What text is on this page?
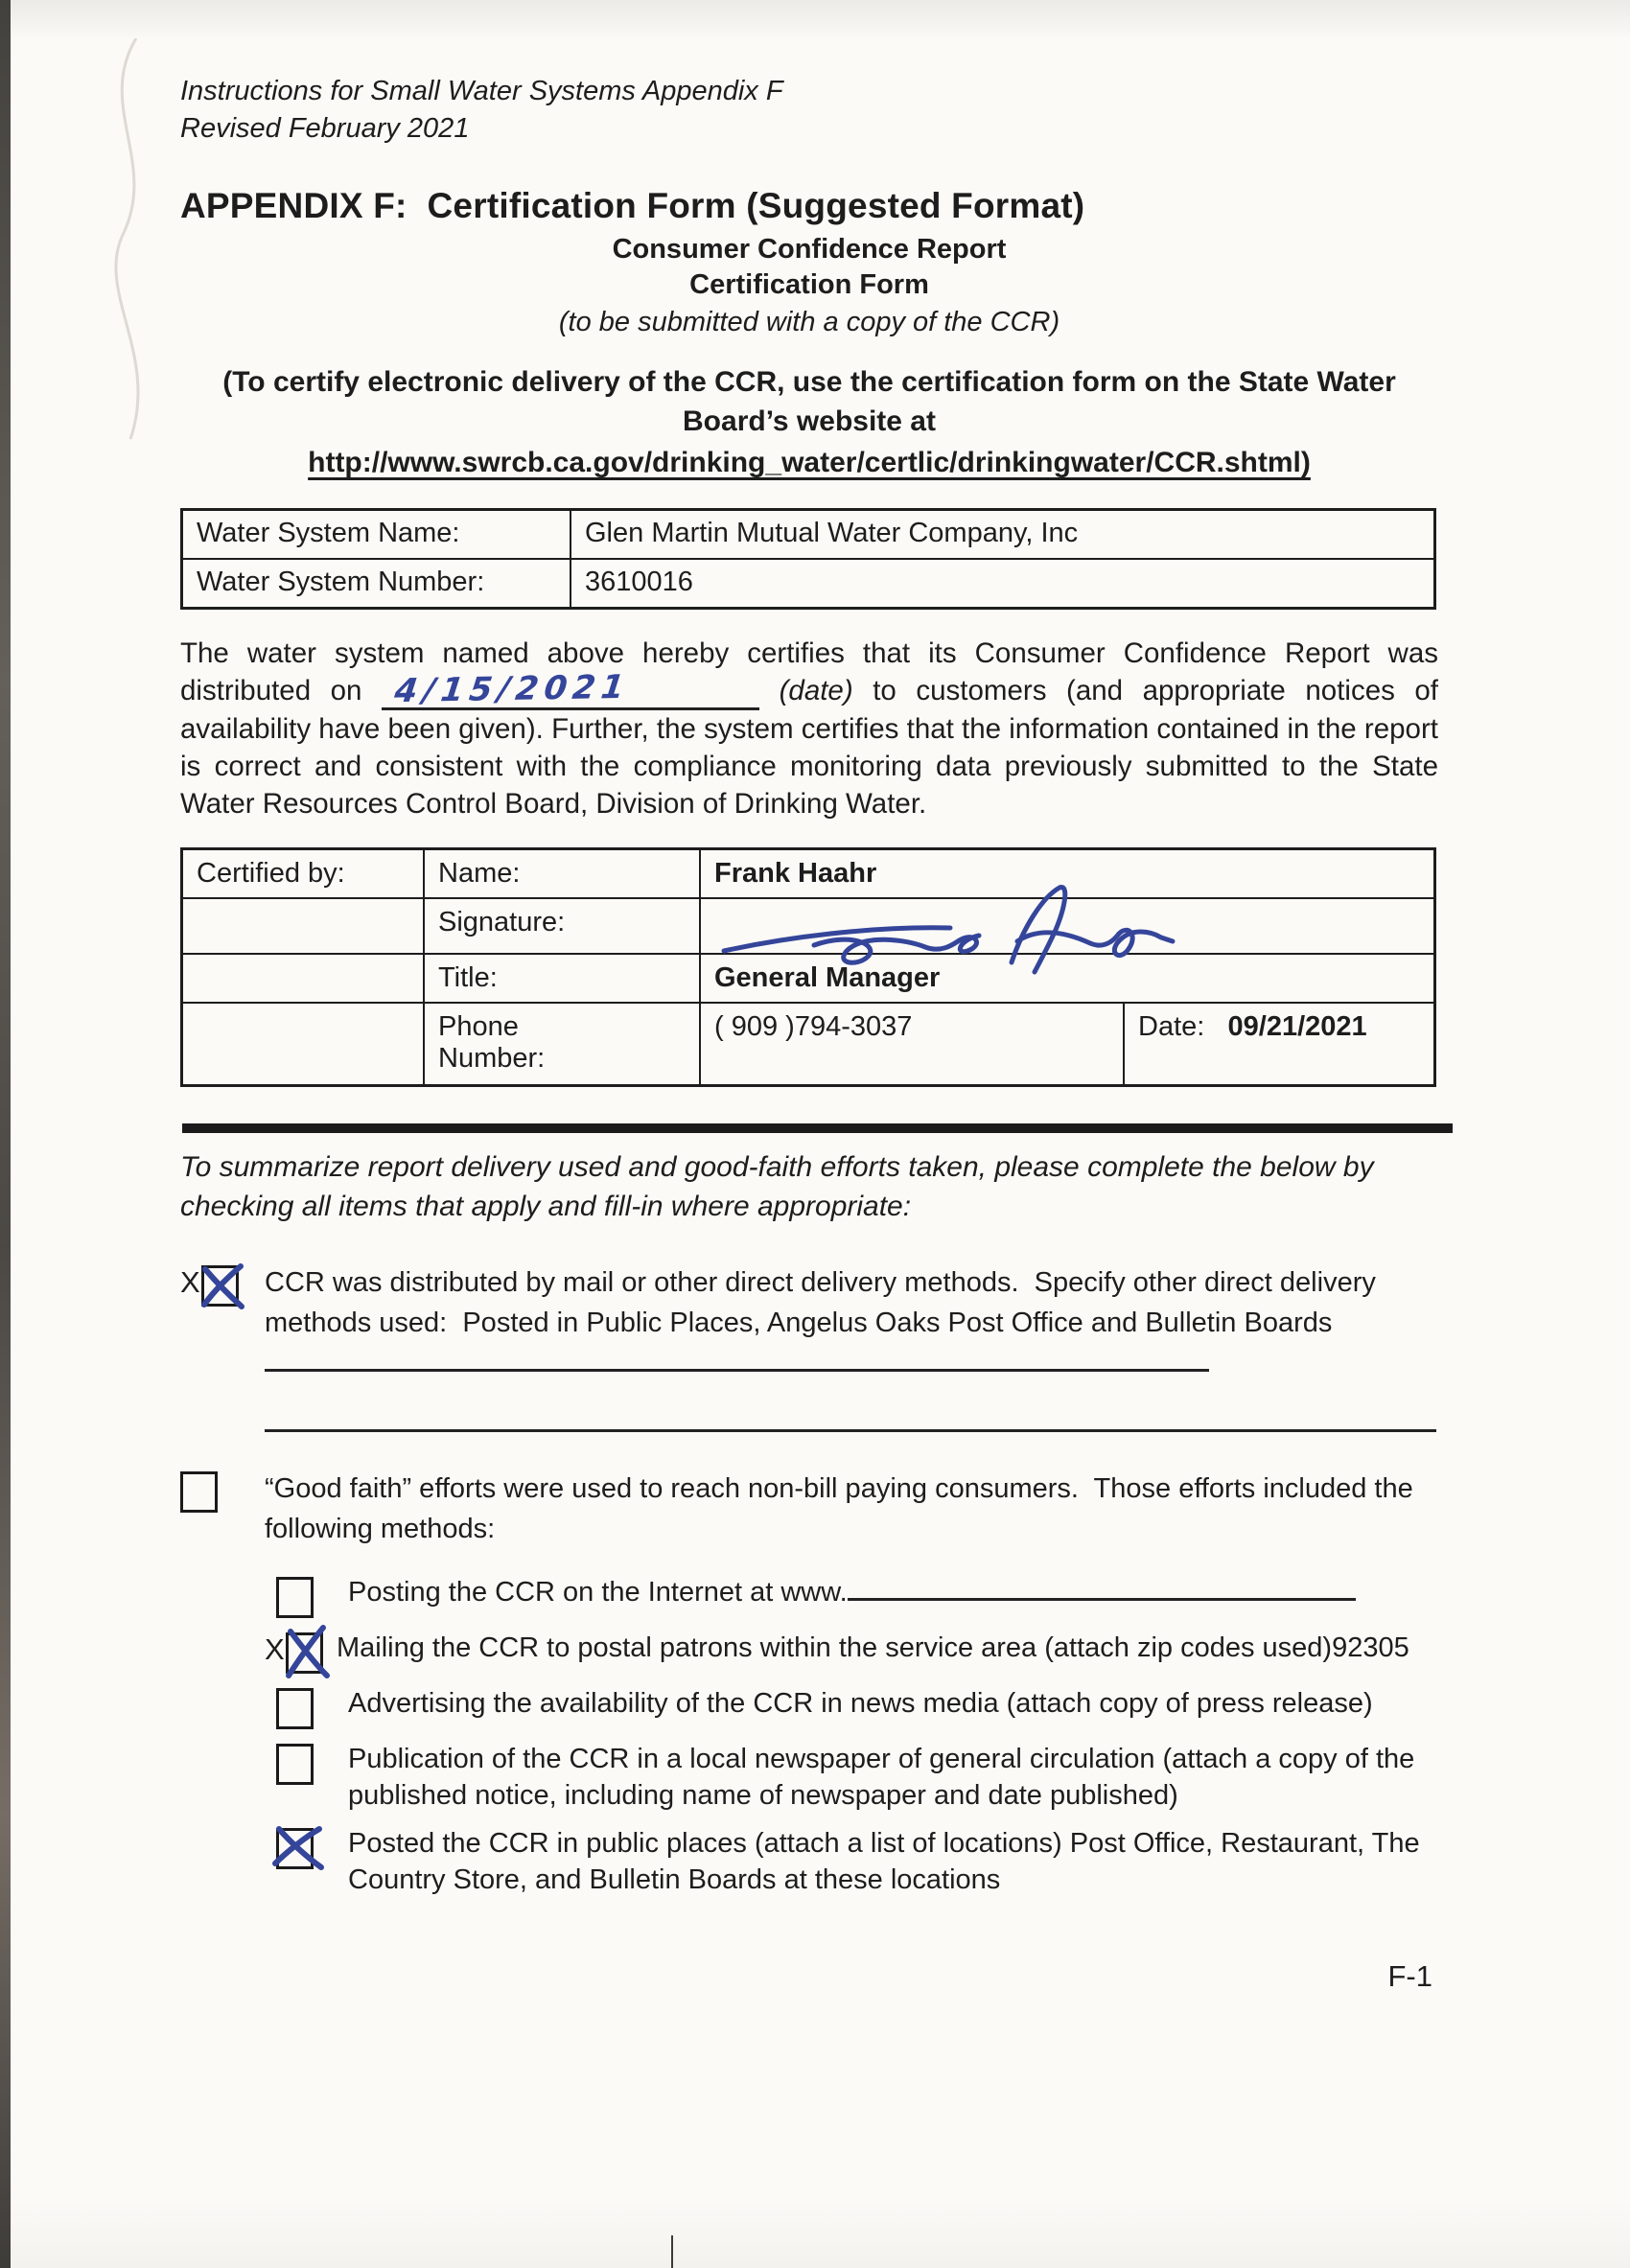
Instructions for Small Water Systems Appendix F
Revised February 2021
APPENDIX F:  Certification Form (Suggested Format)
Consumer Confidence Report
Certification Form
(to be submitted with a copy of the CCR)
(To certify electronic delivery of the CCR, use the certification form on the State Water Board’s website at
http://www.swrcb.ca.gov/drinking_water/certlic/drinkingwater/CCR.shtml)
Water System Name:	Glen Martin Mutual Water Company, Inc
Water System Number:	3610016
The water system named above hereby certifies that its Consumer Confidence Report was distributed on 4/15/2021	(date) to customers (and appropriate notices of availability have been given). Further, the system certifies that the information contained in the report is correct and consistent with the compliance monitoring data previously submitted to the State Water Resources Control Board, Division of Drinking Water.
Certified by:	Name:	Frank Haahr	
	Signature:	

	Title:	General Manager	
	Phone Number:	( 909 )794-3037	Date: 09/21/2021
To summarize report delivery used and good-faith efforts taken, please complete the below by checking all items that apply and fill-in where appropriate:
X CCR was distributed by mail or other direct delivery methods.  Specify other direct delivery methods used:  Posted in Public Places, Angelus Oaks Post Office and Bulletin Boards
“Good faith” efforts were used to reach non-bill paying consumers.  Those efforts included the following methods:
Posting the CCR on the Internet at www.
X Mailing the CCR to postal patrons within the service area (attach zip codes used)92305
Advertising the availability of the CCR in news media (attach copy of press release)
Publication of the CCR in a local newspaper of general circulation (attach a copy of the published notice, including name of newspaper and date published)
Posted the CCR in public places (attach a list of locations) Post Office, Restaurant, The Country Store, and Bulletin Boards at these locations
F-1
